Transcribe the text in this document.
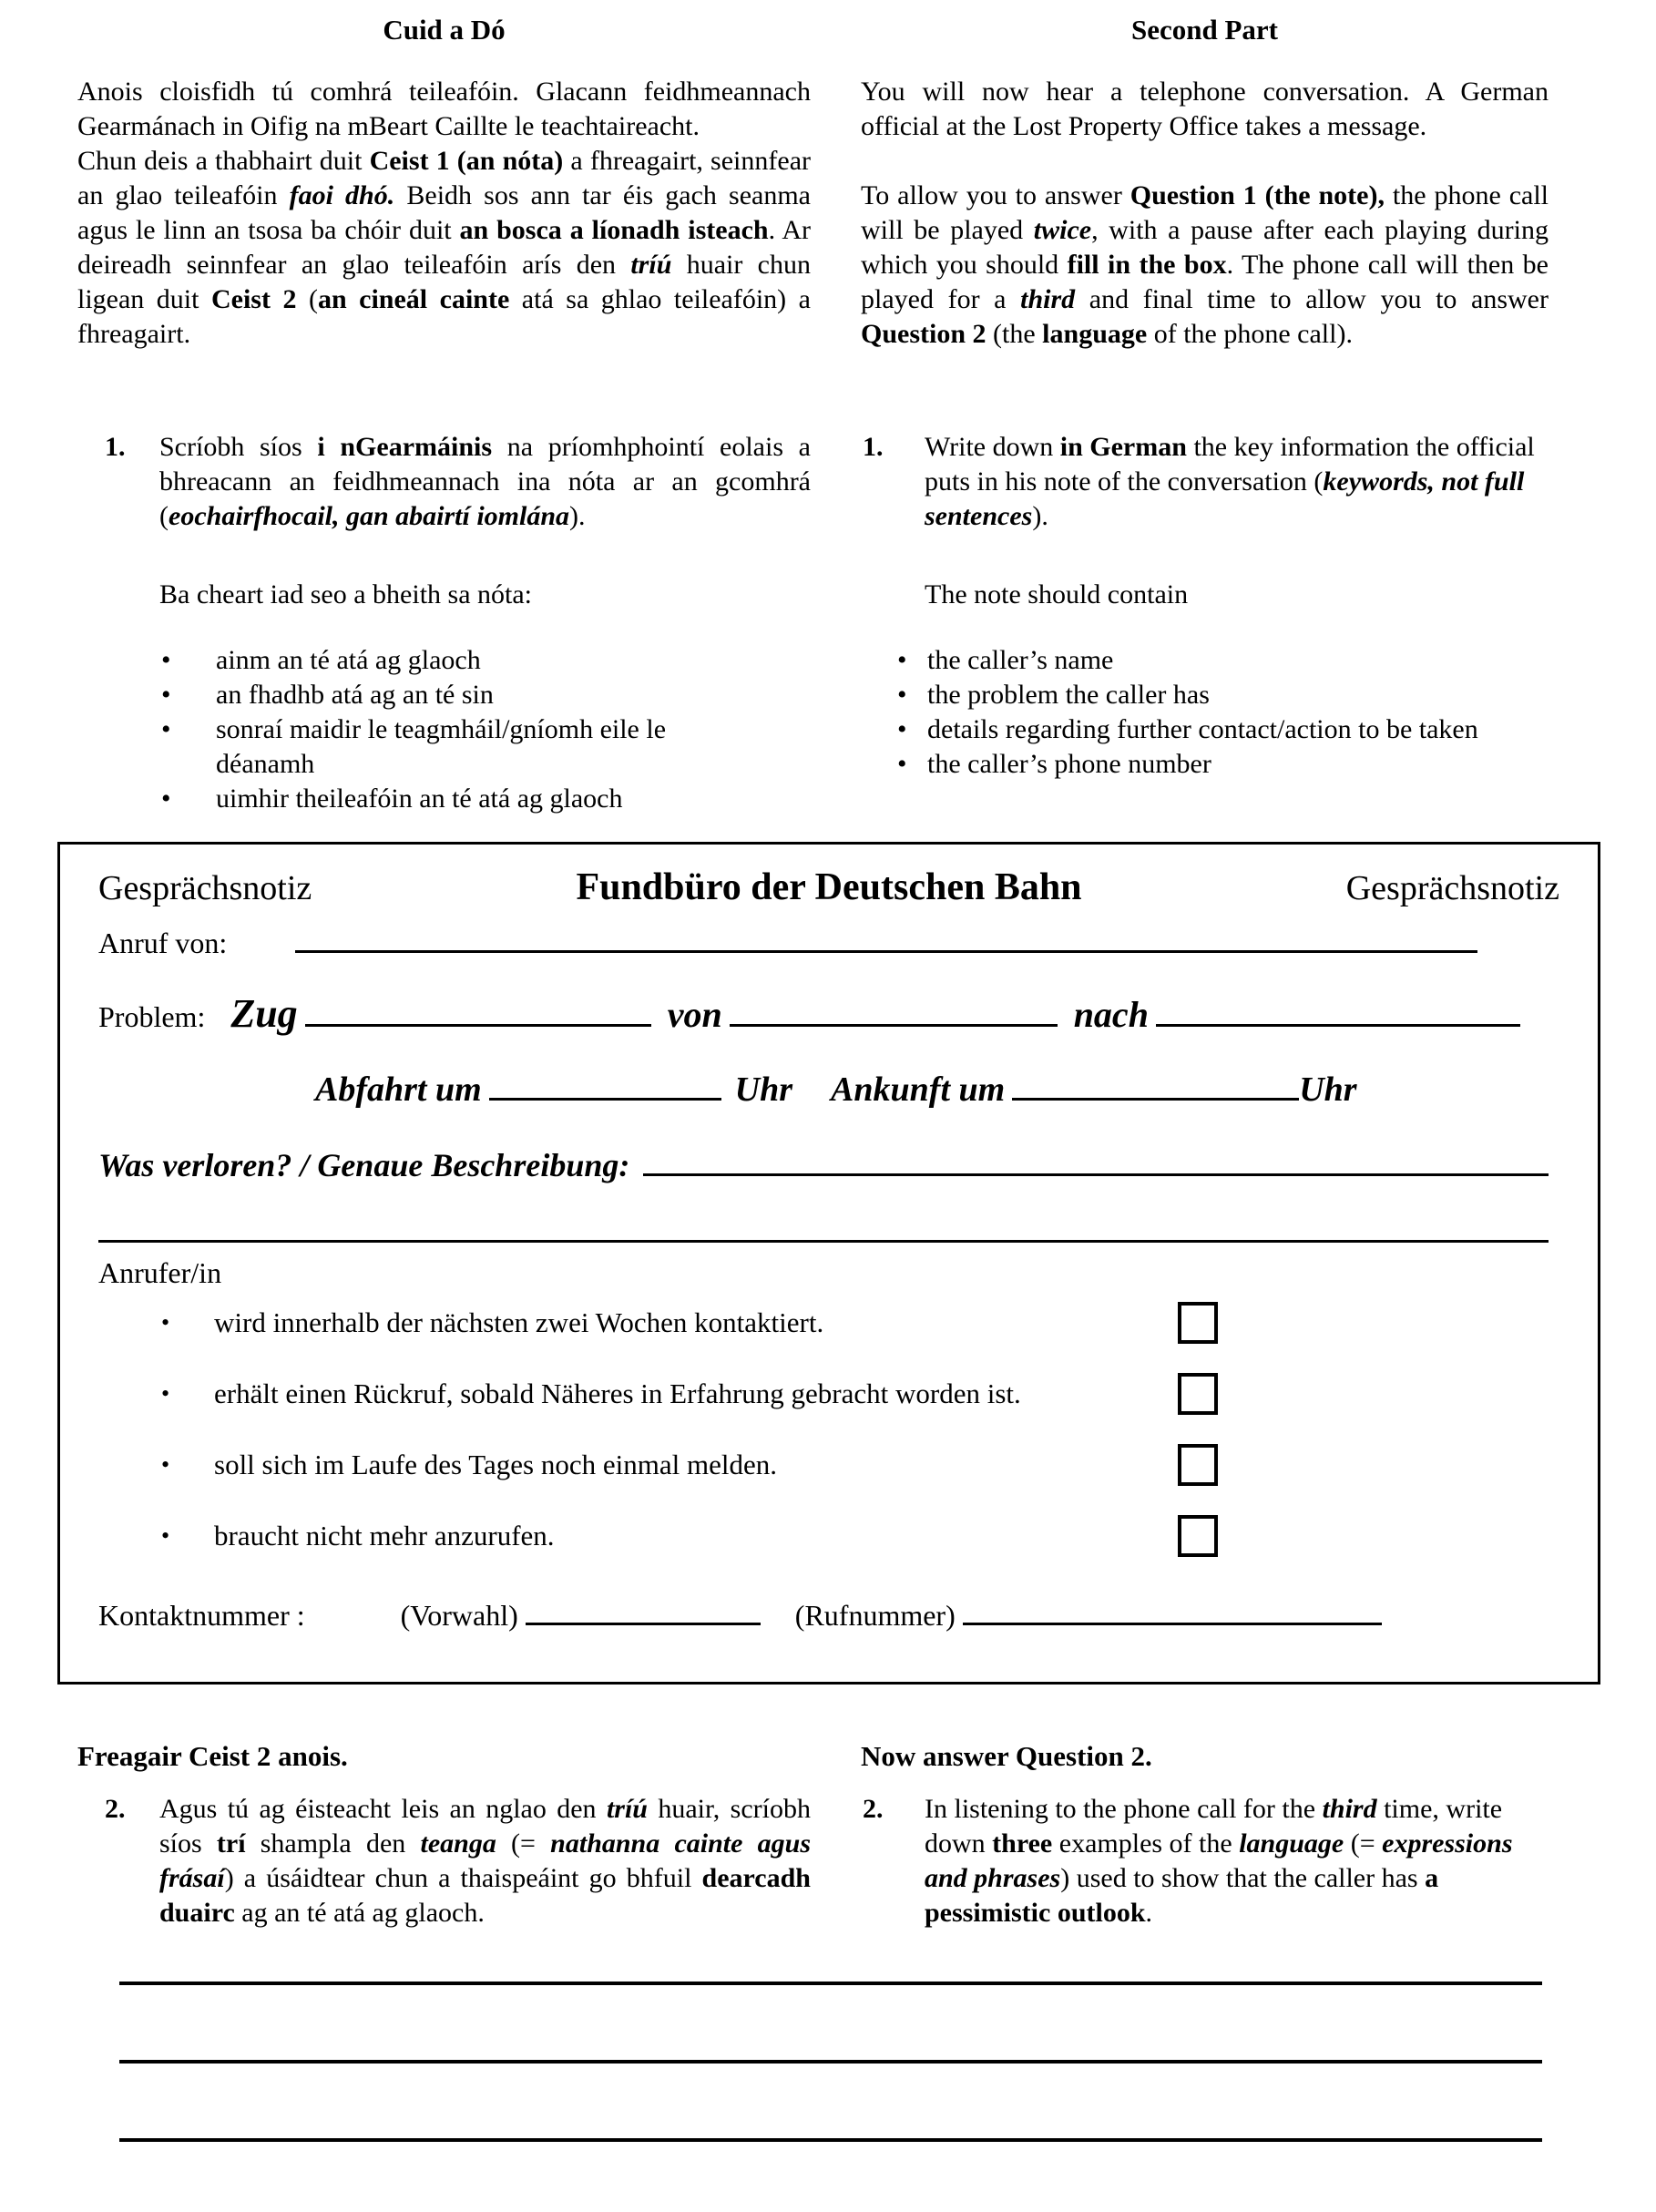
Cuid a Dó

Anois cloisfidh tú comhrá teileafóin. Glacann feidhmeannach Gearmánach in Oifig na mBeart Caillte le teachtaireacht.

Chun deis a thabhairt duit Ceist 1 (an nóta) a fhreagairt, seinnfear an glao teileafóin faoi dhó. Beidh sos ann tar éis gach seanma agus le linn an tsosa ba chóir duit an bosca a líonadh isteach. Ar deireadh seinnfear an glao teileafóin arís den tríú huair chun ligean duit Ceist 2 (an cineál cainte atá sa ghlao teileafóin) a fhreagairt.

1.	Scríobh síos i nGearmáinis na príomhphointí eolais a bhreacann an feidhmeannach ina nóta ar an gcomhrá (eochairfhocail, gan abairtí iomlána).

Ba cheart iad seo a bheith sa nóta:

• ainm an té atá ag glaoch
• an fhadhb atá ag an té sin
• sonraí maidir le teagmháil/gníomh eile le déanamh
• uimhir theileafóin an té atá ag glaoch
Second Part

You will now hear a telephone conversation. A German official at the Lost Property Office takes a message.

To allow you to answer Question 1 (the note), the phone call will be played twice, with a pause after each playing during which you should fill in the box. The phone call will then be played for a third and final time to allow you to answer Question 2 (the language of the phone call).

1.	Write down in German the key information the official puts in his note of the conversation (keywords, not full sentences).

The note should contain

• the caller’s name
• the problem the caller has
• details regarding further contact/action to be taken
• the caller’s phone number
Gesprächsnotiz	Fundbüro der Deutschen Bahn	Gesprächsnotiz
Anruf von:
Problem: Zug	von	nach
Abfahrt um	Uhr Ankunft um	Uhr
Was verloren? / Genaue Beschreibung:
Anrufer/in
• wird innerhalb der nächsten zwei Wochen kontaktiert.
• erhält einen Rückruf, sobald Näheres in Erfahrung gebracht worden ist.
• soll sich im Laufe des Tages noch einmal melden.
• braucht nicht mehr anzurufen.
Kontaktnummer :	(Vorwahl)	(Rufnummer)
Freagair Ceist 2 anois.
2.	Agus tú ag éisteacht leis an nglao den tríú huair, scríobh síos trí shampla den teanga (= nathanna cainte agus frásaí) a úsáidtear chun a thaispeáint go bhfuil dearcadh duairc ag an té atá ag glaoch.
Now answer Question 2.
2.	In listening to the phone call for the third time, write down three examples of the language (= expressions and phrases) used to show that the caller has a pessimistic outlook.
